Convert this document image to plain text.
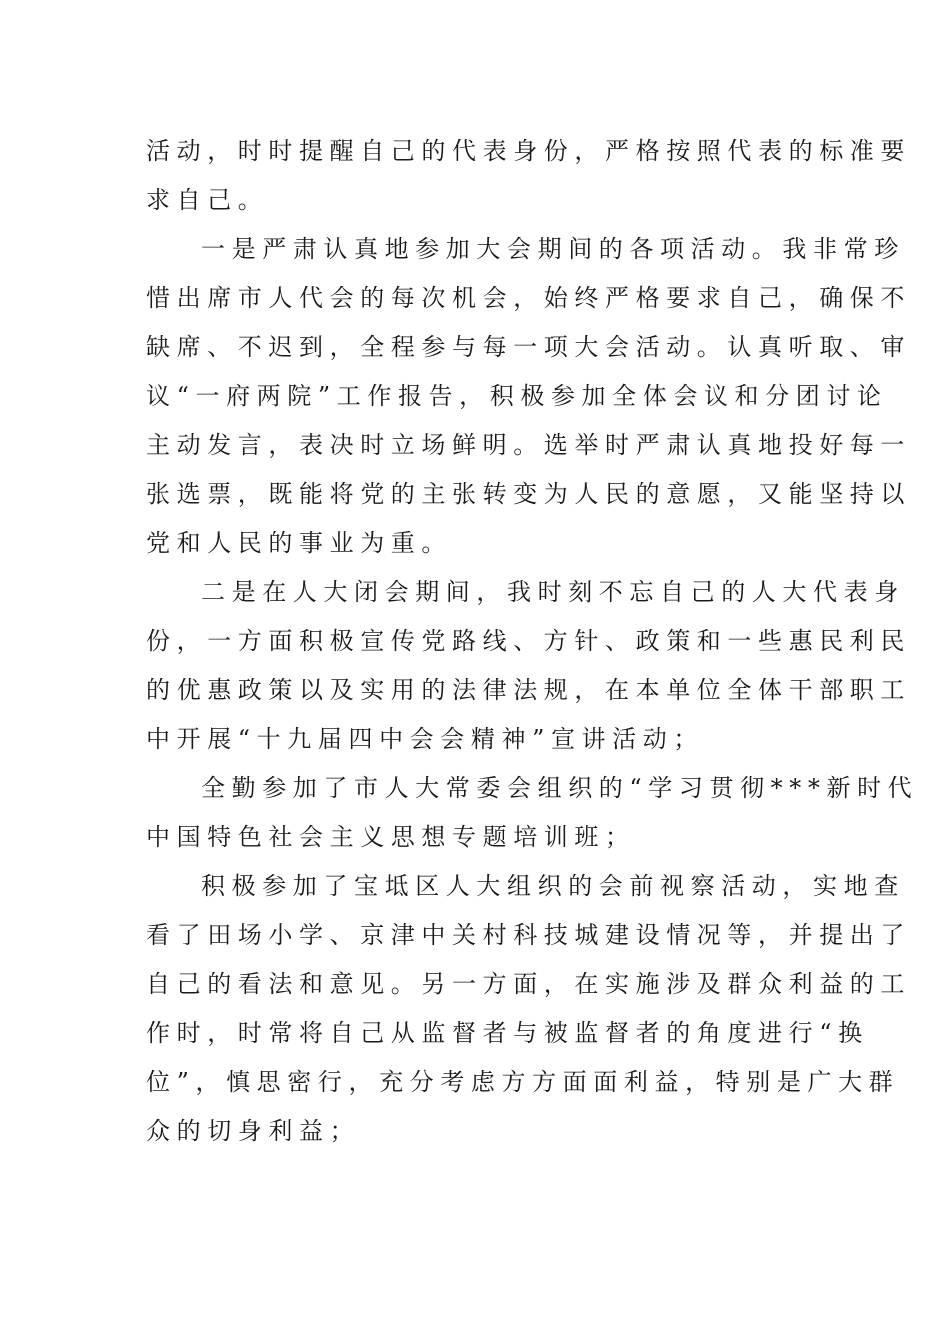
活动，时时提醒自己的代表身份，严格按照代表的标准要
求自己。
一是严肃认真地参加大会期间的各项活动。我非常珍
惜出席市人代会的每次机会，始终严格要求自己，确保不
缺席、不迟到，全程参与每一项大会活动。认真听取、审
议“一府两院”工作报告，积极参加全体会议和分团讨论
主动发言，表决时立场鲜明。选举时严肃认真地投好每一
张选票，既能将党的主张转变为人民的意愿，又能坚持以
党和人民的事业为重。
二是在人大闭会期间，我时刻不忘自己的人大代表身
份，一方面积极宣传党路线、方针、政策和一些惠民利民
的优惠政策以及实用的法律法规，在本单位全体干部职工
中开展“十九届四中会会精神”宣讲活动；
全勤参加了市人大常委会组织的“学习贯彻***新时代
中国特色社会主义思想专题培训班；
积极参加了宝坻区人大组织的会前视察活动，实地查
看了田场小学、京津中关村科技城建设情况等，并提出了
自己的看法和意见。另一方面，在实施涉及群众利益的工
作时，时常将自己从监督者与被监督者的角度进行“换
位”，慎思密行，充分考虑方方面面利益，特别是广大群
众的切身利益；
